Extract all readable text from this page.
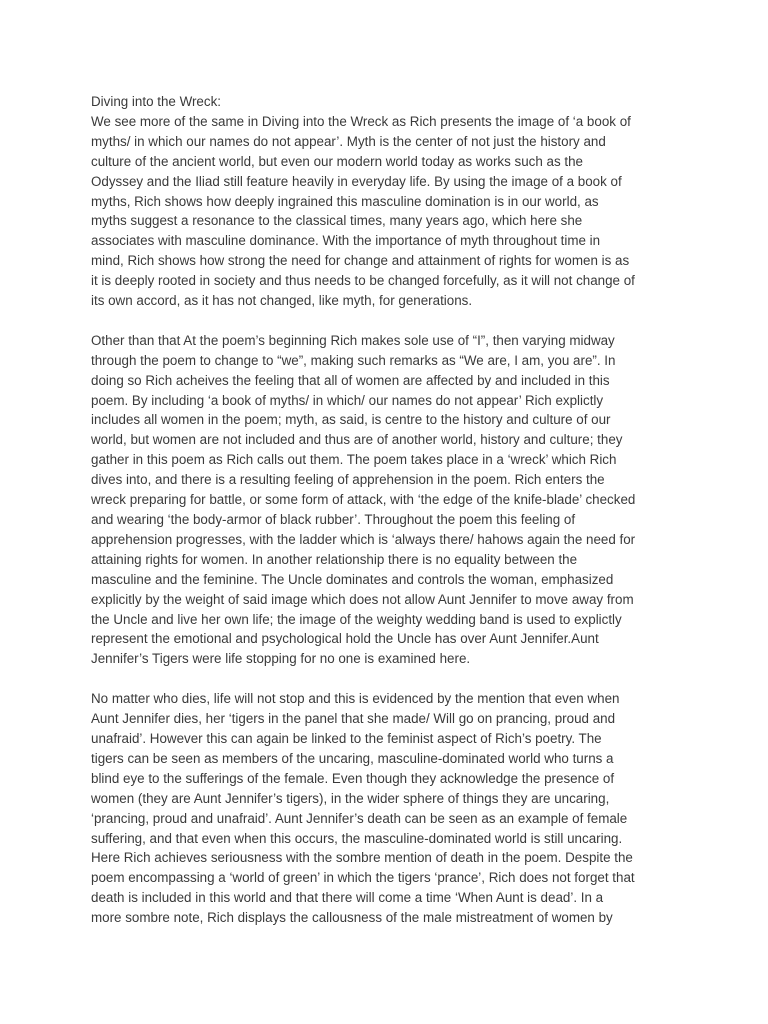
Diving into the Wreck:

We see more of the same in Diving into the Wreck as Rich presents the image of ‘a book of
myths/ in which our names do not appear’. Myth is the center of not just the history and
culture of the ancient world, but even our modern world today as works such as the
Odyssey and the Iliad still feature heavily in everyday life. By using the image of a book of
myths, Rich shows how deeply ingrained this masculine domination is in our world, as
myths suggest a resonance to the classical times, many years ago, which here she
associates with masculine dominance. With the importance of myth throughout time in
mind, Rich shows how strong the need for change and attainment of rights for women is as
it is deeply rooted in society and thus needs to be changed forcefully, as it will not change of
its own accord, as it has not changed, like myth, for generations.

Other than that At the poem’s beginning Rich makes sole use of “I”, then varying midway
through the poem to change to “we”, making such remarks as “We are, I am, you are”. In
doing so Rich acheives the feeling that all of women are affected by and included in this
poem. By including ‘a book of myths/ in which/ our names do not appear’ Rich explictly
includes all women in the poem; myth, as said, is centre to the history and culture of our
world, but women are not included and thus are of another world, history and culture; they
gather in this poem as Rich calls out them. The poem takes place in a ‘wreck’ which Rich
dives into, and there is a resulting feeling of apprehension in the poem. Rich enters the
wreck preparing for battle, or some form of attack, with ‘the edge of the knife-blade’ checked
and wearing ‘the body-armor of black rubber’. Throughout the poem this feeling of
apprehension progresses, with the ladder which is ‘always there/ hahows again the need for
attaining rights for women. In another relationship there is no equality between the
masculine and the feminine. The Uncle dominates and controls the woman, emphasized
explicitly by the weight of said image which does not allow Aunt Jennifer to move away from
the Uncle and live her own life; the image of the weighty wedding band is used to explictly
represent the emotional and psychological hold the Uncle has over Aunt Jennifer.Aunt
Jennifer’s Tigers were life stopping for no one is examined here.

No matter who dies, life will not stop and this is evidenced by the mention that even when
Aunt Jennifer dies, her ‘tigers in the panel that she made/ Will go on prancing, proud and
unafraid’. However this can again be linked to the feminist aspect of Rich’s poetry. The
tigers can be seen as members of the uncaring, masculine-dominated world who turns a
blind eye to the sufferings of the female. Even though they acknowledge the presence of
women (they are Aunt Jennifer’s tigers), in the wider sphere of things they are uncaring,
‘prancing, proud and unafraid’. Aunt Jennifer’s death can be seen as an example of female
suffering, and that even when this occurs, the masculine-dominated world is still uncaring.
Here Rich achieves seriousness with the sombre mention of death in the poem. Despite the
poem encompassing a ‘world of green’ in which the tigers ‘prance’, Rich does not forget that
death is included in this world and that there will come a time ‘When Aunt is dead’. In a
more sombre note, Rich displays the callousness of the male mistreatment of women by
